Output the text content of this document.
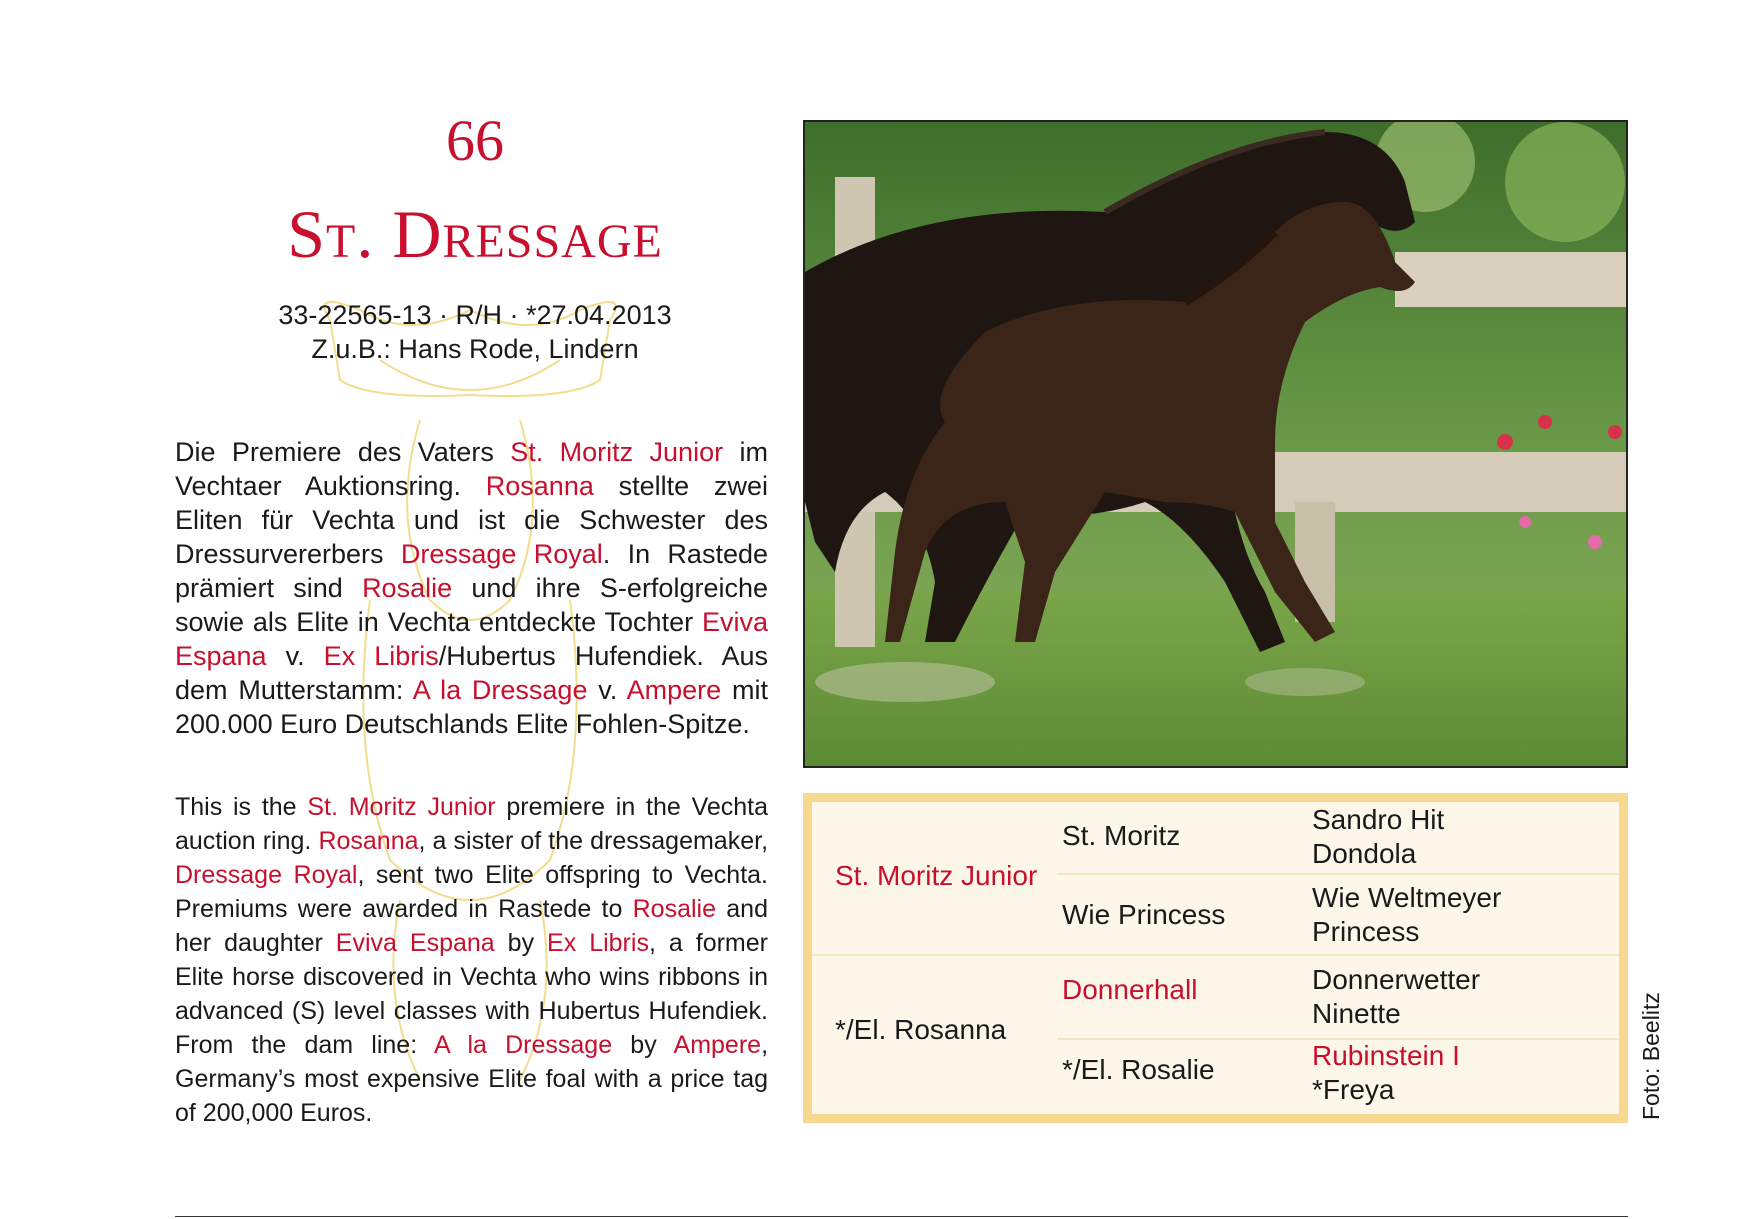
66
St. Dressage
33-22565-13 · R/H · *27.04.2013
Z.u.B.: Hans Rode, Lindern

Die Premiere des Vaters St. Moritz Junior im Vechtaer Auktionsring. Rosanna stellte zwei Eliten für Vechta und ist die Schwester des Dressurvererbers Dressage Royal. In Rastede prämiert sind Rosalie und ihre S-erfolgreiche sowie als Elite in Vechta entdeckte Tochter Eviva Espana v. Ex Libris/Hubertus Hufendiek. Aus dem Mutterstamm: A la Dressage v. Ampere mit 200.000 Euro Deutschlands Elite Fohlen-Spitze.

This is the St. Moritz Junior premiere in the Vechta auction ring. Rosanna, a sister of the dressagemaker, Dressage Royal, sent two Elite offspring to Vechta. Premiums were awarded in Rastede to Rosalie and her daughter Eviva Espana by Ex Libris, a former Elite horse discovered in Vechta who wins ribbons in advanced (S) level classes with Hubertus Hufendiek. From the dam line: A la Dressage by Ampere, Germany’s most expensive Elite foal with a price tag of 200,000 Euros.

St. Moritz Junior
*/El. Rosanna
St. Moritz
Wie Princess
Donnerhall
*/El. Rosalie
Sandro Hit
Dondola
Wie Weltmeyer
Princess
Donnerwetter
Ninette
Rubinstein I
*Freya	Foto: Beelitz
